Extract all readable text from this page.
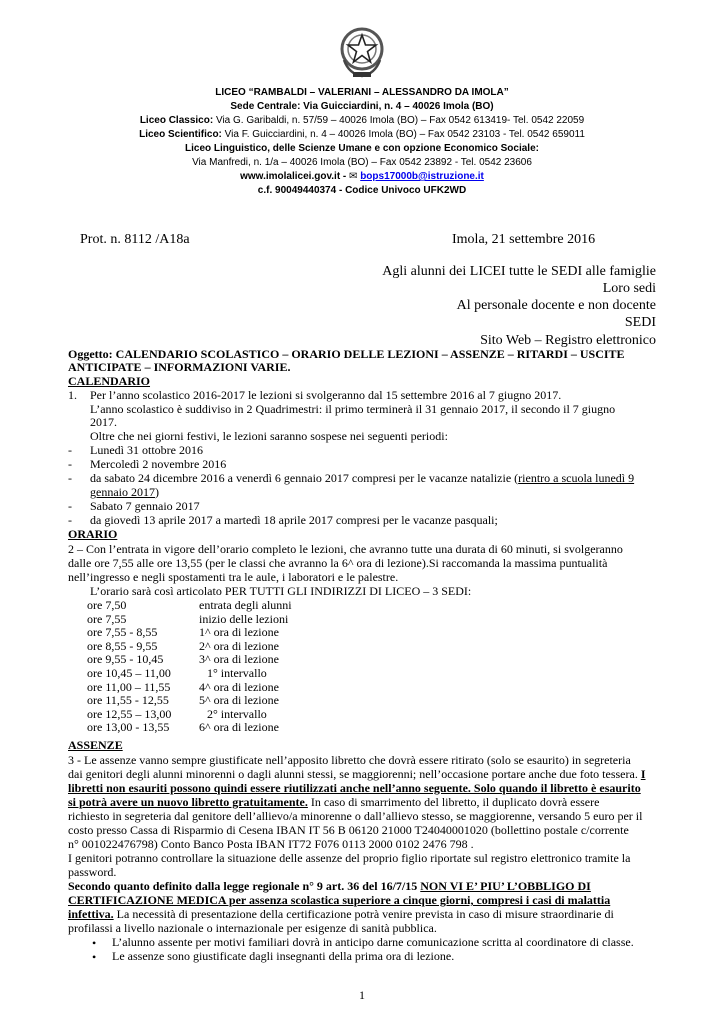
LICEO “RAMBALDI – VALERIANI – ALESSANDRO DA IMOLA”
Sede Centrale: Via Guicciardini, n. 4 – 40026 Imola (BO)
Liceo Classico: Via G. Garibaldi, n. 57/59 – 40026 Imola (BO) – Fax 0542 613419- Tel. 0542 22059
Liceo Scientifico: Via F. Guicciardini, n. 4 – 40026 Imola (BO) – Fax 0542 23103 - Tel. 0542 659011
Liceo Linguistico, delle Scienze Umane e con opzione Economico Sociale:
Via Manfredi, n. 1/a – 40026 Imola (BO) – Fax 0542 23892 - Tel. 0542 23606
www.imolalicei.gov.it - ✉ bops17000b@istruzione.it
c.f. 90049440374 - Codice Univoco UFK2WD
Prot. n. 8112 /A18a	Imola, 21 settembre 2016
Agli alunni dei LICEI tutte le SEDI alle famiglie
Loro sedi
Al personale docente e non docente
SEDI
Sito Web – Registro elettronico
Oggetto: CALENDARIO SCOLASTICO – ORARIO DELLE LEZIONI – ASSENZE – RITARDI – USCITE
ANTICIPATE – INFORMAZIONI VARIE.
CALENDARIO
1. Per l’anno scolastico 2016-2017 le lezioni si svolgeranno dal 15 settembre 2016 al 7 giugno 2017.
L’anno scolastico è suddiviso in 2 Quadrimestri: il primo terminerà il 31 gennaio 2017, il secondo il 7 giugno
2017.
Oltre che nei giorni festivi, le lezioni saranno sospese nei seguenti periodi:
- Lunedì 31 ottobre 2016
- Mercoledì 2 novembre 2016
- da sabato 24 dicembre 2016 a venerdì 6 gennaio 2017 compresi per le vacanze natalizie (rientro a scuola lunedì 9
gennaio 2017)
- Sabato 7 gennaio 2017
- da giovedì 13 aprile 2017 a martedì 18 aprile 2017 compresi per le vacanze pasquali;
ORARIO
2 – Con l’entrata in vigore dell’orario completo le lezioni, che avranno tutte una durata di 60 minuti, si svolgeranno
dalle ore 7,55 alle ore 13,55 (per le classi che avranno la 6^ ora di lezione).Si raccomanda la massima puntualità
nell’ingresso e negli spostamenti tra le aule, i laboratori e le palestre.
L’orario sarà così articolato PER TUTTI GLI INDIRIZZI DI LICEO – 3 SEDI:
ore 7,50	entrata degli alunni
ore 7,55	inizio delle lezioni
ore 7,55 - 8,55	1^ ora di lezione
ore 8,55 - 9,55	2^ ora di lezione
ore 9,55 - 10,45	3^ ora di lezione
ore 10,45 – 11,00	1° intervallo
ore 11,00 – 11,55	4^ ora di lezione
ore 11,55 - 12,55	5^ ora di lezione
ore 12,55 – 13,00	2° intervallo
ore 13,00 - 13,55	6^ ora di lezione
ASSENZE
3 - Le assenze vanno sempre giustificate nell’apposito libretto che dovrà essere ritirato (solo se esaurito) in segreteria
dai genitori degli alunni minorenni o dagli alunni stessi, se maggiorenni; nell’occasione portare anche due foto tessera. I
libretti non esauriti possono quindi essere riutilizzati anche nell’anno seguente. Solo quando il libretto è esaurito
si potrà avere un nuovo libretto gratuitamente. In caso di smarrimento del libretto, il duplicato dovrà essere
richiesto in segreteria dal genitore dell’allievo/a minorenne o dall’allievo stesso, se maggiorenne, versando 5 euro per il
costo presso Cassa di Risparmio di Cesena IBAN IT 56 B 06120 21000 T24040001020 (bollettino postale c/corrente
n° 001022476798) Conto Banco Posta IBAN IT72 F076 0113 2000 0102 2476 798 .
I genitori potranno controllare la situazione delle assenze del proprio figlio riportate sul registro elettronico tramite la
password.
Secondo quanto definito dalla legge regionale n° 9 art. 36 del 16/7/15 NON VI E’ PIU’ L’OBBLIGO DI
CERTIFICAZIONE MEDICA per assenza scolastica superiore a cinque giorni, compresi i casi di malattia
infettiva. La necessità di presentazione della certificazione potrà venire prevista in caso di misure straordinarie di
profilassi a livello nazionale o internazionale per esigenze di sanità pubblica.
• L’alunno assente per motivi familiari dovrà in anticipo darne comunicazione scritta al coordinatore di classe.
• Le assenze sono giustificate dagli insegnanti della prima ora di lezione.
1
